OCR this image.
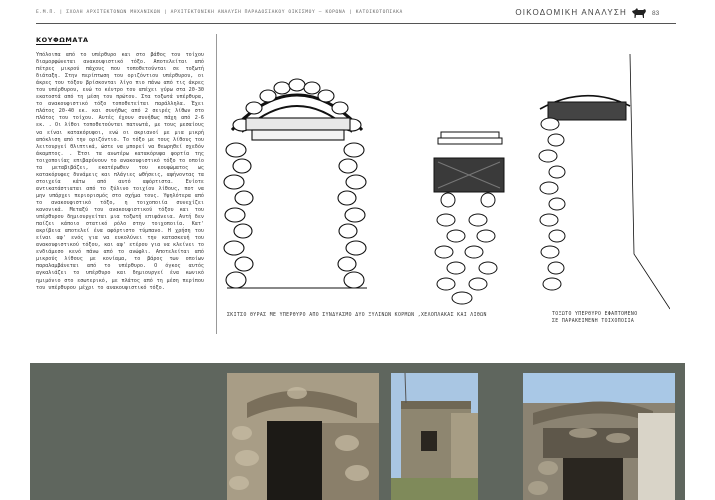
Ε.Μ.Π. | ΣΧΟΛΗ ΑΡΧΙΤΕΚΤΟΝΩΝ ΜΗΧΑΝΙΚΩΝ | ΑΡΧΙΤΕΚΤΟΝΙΚΗ ΑΝΑΛΥΣΗ ΠΑΡΑΔΟΣΙΑΚΟΥ ΟΙΚΙΣΜΟΥ – ΚΟΡΩΝΑ | ΚΑΤΟΙΚΟΤΟΠΙΑΚΑ	ΟΙΚΟΔΟΜΙΚΗ ΑΝΑΛΥΣΗ	83
ΚΟΥΦΩΜΑΤΑ

Υπόλοιπα από το υπέρθυρο και στο βάθος του τοίχου διαμορφώνεται ανακουφιστικό τόξο. Αποτελείται από πέτρες μικρού πάχους που τοποθετούνται σε τοξωτή διάταξη. Στην περίπτωση του οριζόντιου υπέρθυρου, οι άκρες του τόξου βρίσκονται λίγο πιο πάνω από τις άκρες του υπέρθυρου, ενώ το κέντρο του απέχει γύρω στα 20-30 εκατοστά από τη μέση του πρώτου. Στα τοξωτά υπέρθυρα, το ανακουφιστικό τόξο τοποθετείται παράλληλα. Έχει πλάτος 20-40 εκ. και συνήθως από 2 σειρές λίθων στο πλάτος του τοίχου. Αυτές έχουν συνήθως πάχη από 2-6 εκ. . Οι λίθοι τοποθετούνται πατνωτά, με τους μεσαίους να είναι κατακόρυφοι, ενώ οι ακριανοί με μια μικρή απόκλιση από την οριζόντιο. Το τόξο με τους λίθους του λειτουργεί θλιπτικά, ώστε να μπορεί να θεωρηθεί σχεδόν άκαμπτος. . Έτσι τα ανωτέρω κατακόρυφα φορτία της τοιχοποιίας επιβαρύνουν το ανακουφιστικό τόξο το οποίο τα μεταβιβάζει, εκατέρωθεν του κουφώματος ως κατακόρυφες δυνάμεις και πλάγιες ωθήσεις, αφήνοντας τα στοιχεία κάτω από αυτό αφόρτιστα. Ενίοτε αντικατάστιαται από το ξύλινο τοιχίου λίθους, ποτ να μην υπάρχει περιορισμός στο σχήμα τους. Υψηλότερα από το ανακουφιστικό τόξο, η τοιχοποιία συνεχίζει κανονικά. Μεταξύ του ανακουφιστικού τόξου και του υπέρθυρου δημιουργείται μια τοξωτή επιφάνεια. Αυτή δεν παίζει κάποιο στατικό ρόλο στην τοιχοποιία. Κατ' ακρίβεια αποτελεί ένα αφόρτιστο τύμπανο. Η χρήση του είναι αφ' ενός για να ευκολύνει την κατασκευή του ανακουφιστικού τόξου, και αφ' ετέρου για να κλείνει το ενδιάμεσο κενό πάνω από το ανώφλι. Αποτελείται από μικρούς λίθους με κονίαμα, το βάρος των οποίων παραλαμβάνεται από το υπέρθυρο. Ο όγκος αυτός αγκαλιάζει το υπέρθυρο και δημιουργεί ένα κωνικό ημιμόνιο στο εσωτερικό, με πλάτος από τη μέση περίπου του υπέρθυρου μέχρι το ανακουφιστικό τόξο.

ΣΚΙΤΣΟ ΘΥΡΑΣ ΜΕ ΥΠΕΡΘΥΡΟ ΑΠΟ ΣΥΝΔΥΑΣΜΟ ΔΥΟ ΞΥΛΙΝΩΝ ΚΟΡΜΩΝ ,ΧΕΛΟΠΛΑΚΑΣ ΚΑΙ ΛΙΘΩΝ	ΤΟΞΩΤΟ ΥΠΕΡΘΥΡΟ ΕΦΑΠΤΟΜΕΝΟ
ΣΕ ΠΑΡΑΚΕΙΜΕΝΗ ΤΟΙΧΟΠΟΙΙΑ
